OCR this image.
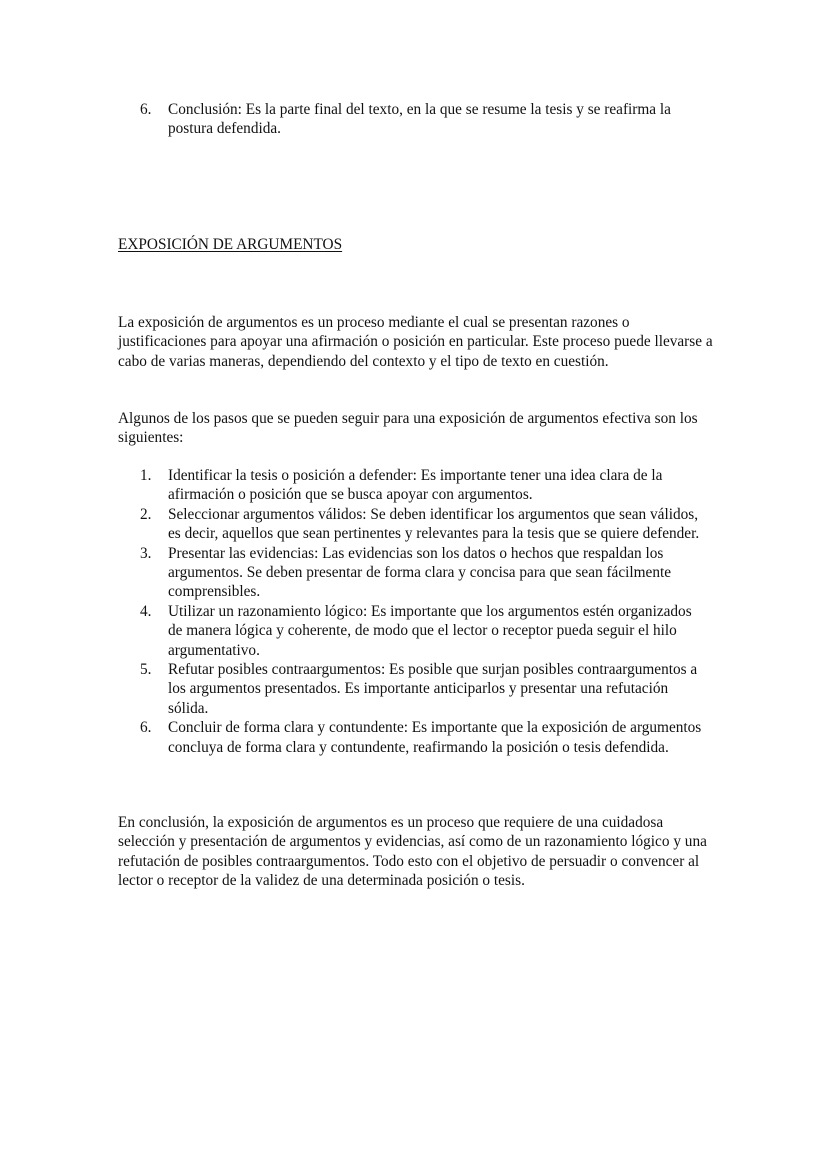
6.	Conclusión: Es la parte final del texto, en la que se resume la tesis y se reafirma la postura defendida.
EXPOSICIÓN DE ARGUMENTOS

La exposición de argumentos es un proceso mediante el cual se presentan razones o justificaciones para apoyar una afirmación o posición en particular. Este proceso puede llevarse a cabo de varias maneras, dependiendo del contexto y el tipo de texto en cuestión.

Algunos de los pasos que se pueden seguir para una exposición de argumentos efectiva son los siguientes:

1.	Identificar la tesis o posición a defender: Es importante tener una idea clara de la afirmación o posición que se busca apoyar con argumentos.
2.	Seleccionar argumentos válidos: Se deben identificar los argumentos que sean válidos, es decir, aquellos que sean pertinentes y relevantes para la tesis que se quiere defender.
3.	Presentar las evidencias: Las evidencias son los datos o hechos que respaldan los argumentos. Se deben presentar de forma clara y concisa para que sean fácilmente comprensibles.
4.	Utilizar un razonamiento lógico: Es importante que los argumentos estén organizados de manera lógica y coherente, de modo que el lector o receptor pueda seguir el hilo argumentativo.
5.	Refutar posibles contraargumentos: Es posible que surjan posibles contraargumentos a los argumentos presentados. Es importante anticiparlos y presentar una refutación sólida.
6.	Concluir de forma clara y contundente: Es importante que la exposición de argumentos concluya de forma clara y contundente, reafirmando la posición o tesis defendida.

En conclusión, la exposición de argumentos es un proceso que requiere de una cuidadosa selección y presentación de argumentos y evidencias, así como de un razonamiento lógico y una refutación de posibles contraargumentos. Todo esto con el objetivo de persuadir o convencer al lector o receptor de la validez de una determinada posición o tesis.
